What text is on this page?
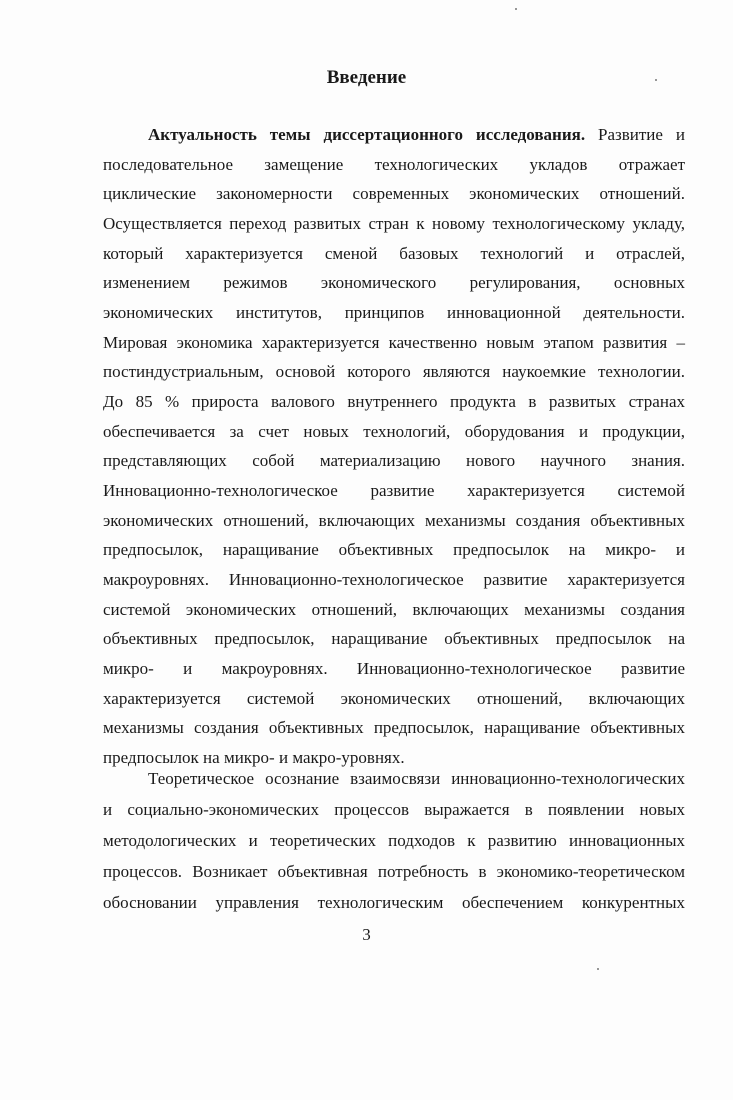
Введение
Актуальность темы диссертационного исследования. Развитие и
последовательное замещение технологических укладов отражает
циклические закономерности современных экономических отношений.
Осуществляется переход развитых стран к новому технологическому укладу,
который характеризуется сменой базовых технологий и отраслей,
изменением режимов экономического регулирования, основных
экономических институтов, принципов инновационной деятельности.
Мировая экономика характеризуется качественно новым этапом развития –
постиндустриальным, основой которого являются наукоемкие технологии.
До 85 % прироста валового внутреннего продукта в развитых странах
обеспечивается за счет новых технологий, оборудования и продукции,
представляющих собой материализацию нового научного знания.
Инновационно-технологическое развитие характеризуется системой
экономических отношений, включающих механизмы создания объективных
предпосылок, наращивание объективных предпосылок на микро- и
макроуровнях. Инновационно-технологическое развитие характеризуется
системой экономических отношений, включающих механизмы создания
объективных предпосылок, наращивание объективных предпосылок на
микро- и макроуровнях. Инновационно-технологическое развитие
характеризуется системой экономических отношений, включающих
механизмы создания объективных предпосылок, наращивание объективных
предпосылок на микро- и макро-уровнях.
Теоретическое осознание взаимосвязи инновационно-технологических
и социально-экономических процессов выражается в появлении новых
методологических и теоретических подходов к развитию инновационных
процессов. Возникает объективная потребность в экономико-теоретическом
обосновании управления технологическим обеспечением конкурентных
3
